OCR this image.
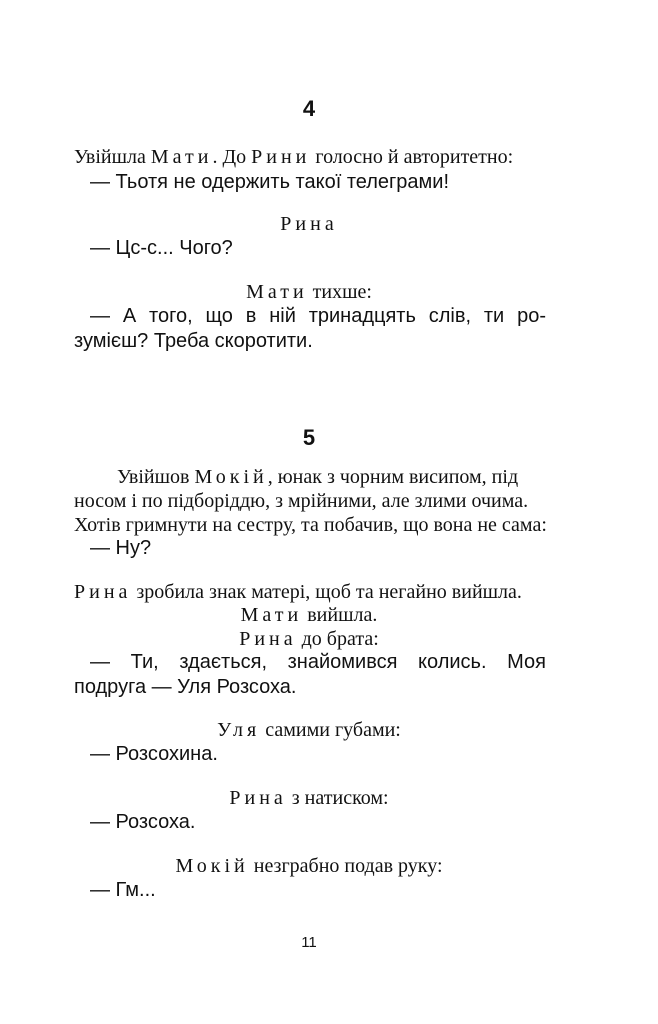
4
Увійшла Мати. До Рини голосно й авторитетно:
— Тьотя не одержить такої телеграми!
Рина
— Цс-с... Чого?
Мати тихше:
— А того, що в ній тринадцять слів, ти ро-
зумієш? Треба скоротити.
5
Увійшов Мокій, юнак з чорним висипом, під
носом і по підборіддю, з мрійними, але злими очима.
Хотів гримнути на сестру, та побачив, що вона не сама:
— Ну?
Рина зробила знак матері, щоб та негайно вийшла.
Мати вийшла.
Рина до брата:
— Ти, здається, знайомився колись. Моя
подруга — Уля Розсоха.
Уля самими губами:
— Розсохина.
Рина з натиском:
— Розсоха.
Мокій незграбно подав руку:
— Гм...
11
